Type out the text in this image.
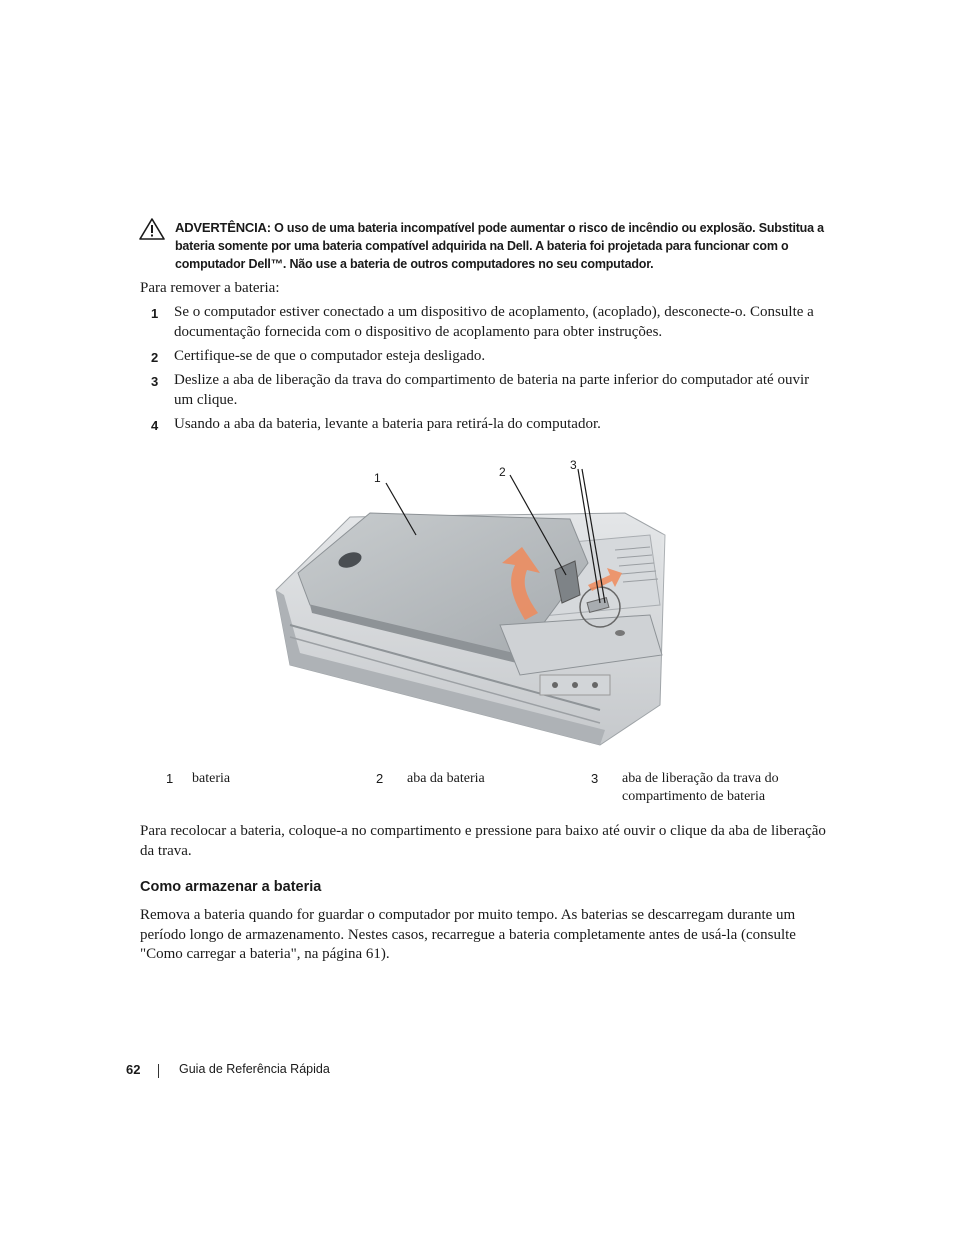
ADVERTÊNCIA: O uso de uma bateria incompatível pode aumentar o risco de incêndio ou explosão. Substitua a bateria somente por uma bateria compatível adquirida na Dell. A bateria foi projetada para funcionar com o computador Dell™. Não use a bateria de outros computadores no seu computador.
Para remover a bateria:
1	Se o computador estiver conectado a um dispositivo de acoplamento, (acoplado), desconecte-o. Consulte a documentação fornecida com o dispositivo de acoplamento para obter instruções.
2	Certifique-se de que o computador esteja desligado.
3	Deslize a aba de liberação da trava do compartimento de bateria na parte inferior do computador até ouvir um clique.
4	Usando a aba da bateria, levante a bateria para retirá-la do computador.
1	2	3
1 bateria	2 aba da bateria	3 aba de liberação da trava do compartimento de bateria
Para recolocar a bateria, coloque-a no compartimento e pressione para baixo até ouvir o clique da aba de liberação da trava.
Como armazenar a bateria
Remova a bateria quando for guardar o computador por muito tempo. As baterias se descarregam durante um período longo de armazenamento. Nestes casos, recarregue a bateria completamente antes de usá-la (consulte "Como carregar a bateria", na página 61).
62	Guia de Referência Rápida
